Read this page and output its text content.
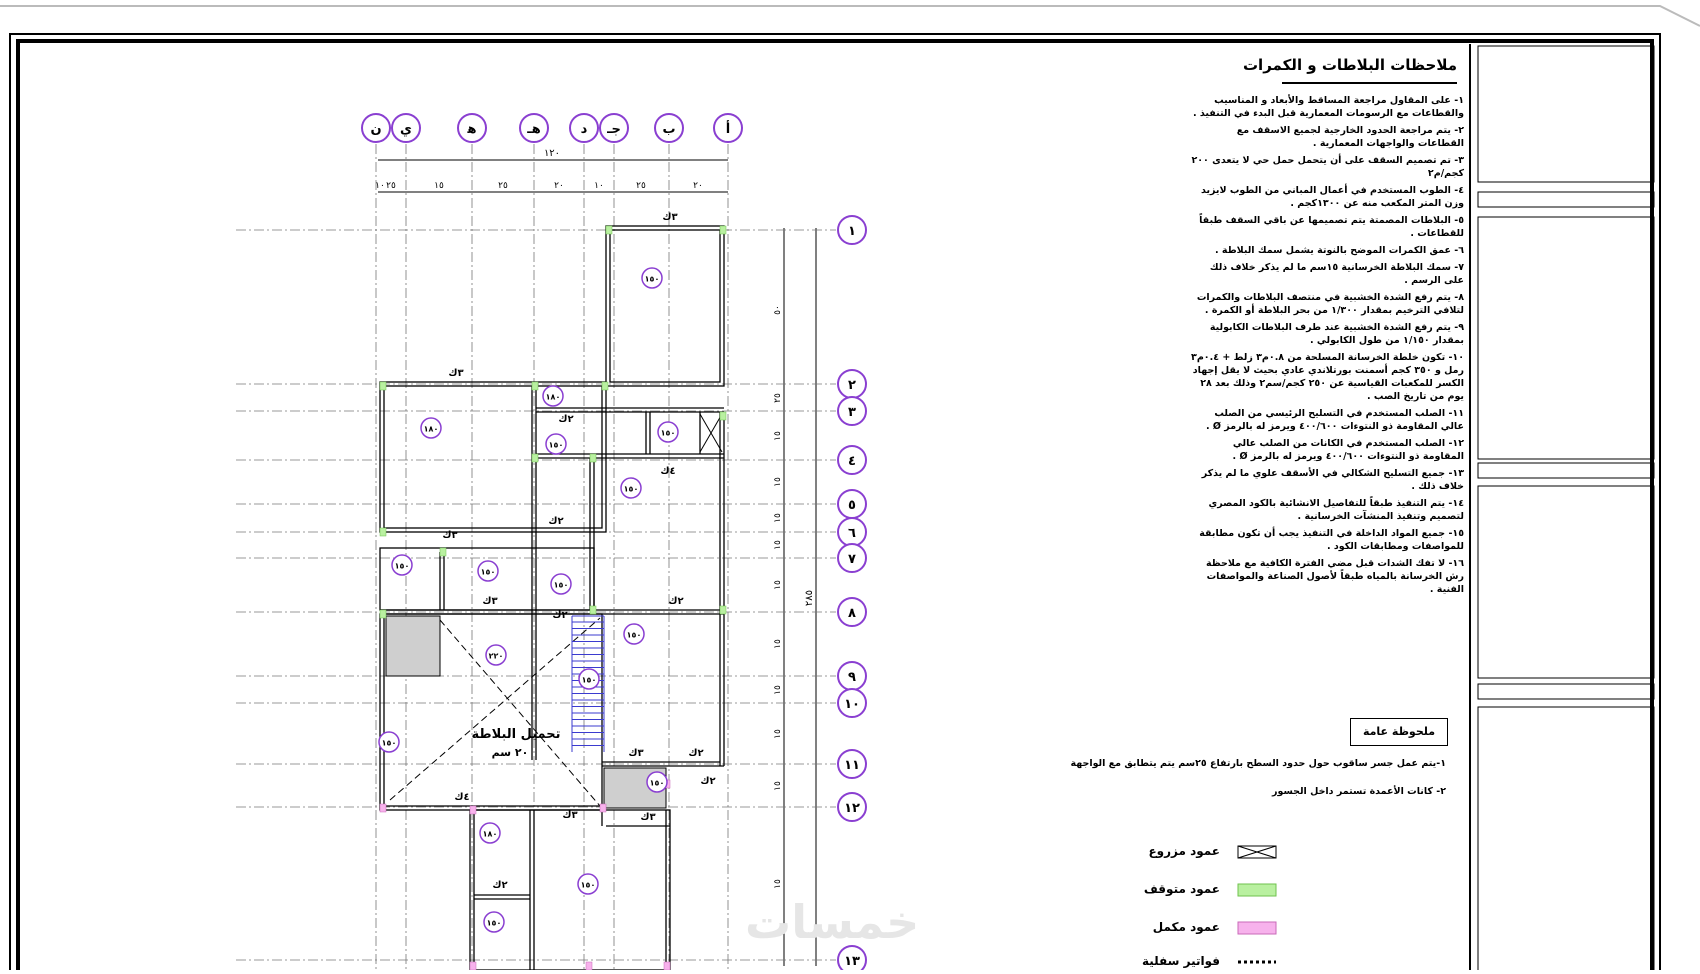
أ
ب
جـ
د
هـ
ﻫ
ي
ن
١
٢
٣
٤
٥
٦
٧
٨
٩
١٠
١١
١٢
١٣
٢٠
٢٥
١٠
٢٠
٢٥
١٥
٢٥
١٠
٥٠
٢٥
١٥
١٥
١٥
١٥
١٥
١٥
١٥
١٥
١٥
١٥
١٥٠
١٨٠
١٨٠
١٥٠
١٥٠
١٥٠
١٥٠
١٥٠
١٥٠
١٥٠
١٥٠
٢٢٠
١٥٠
١٥٠
١٨٠
١٥٠
١٥٠
٣ك
٣ك
٤ك
٢ك
٢ك
٣ك
٣ك
٢ك
٢ك
٣ك	٢ك
٢ك
٤ك
٣ك	٣ك
٢ك
تحميل البلاطة
٢٠ سم
١٢٠
٢٨٥
ملاحظات البلاطات و الكمرات
١- على المقاول مراجعة المساقط والأبعاد و المناسيب والقطاعات مع الرسومات المعمارية قبل البدء في التنفيذ .
٢- يتم مراجعة الحدود الخارجية لجميع الاسقف مع القطاعات والواجهات المعمارية .
٣- تم تصميم السقف على أن يتحمل حمل حي لا يتعدى ٢٠٠ كجم/م٢
٤- الطوب المستخدم في أعمال المباني من الطوب لايزيد وزن المتر المكعب منه عن ١٣٠٠كجم .
٥- البلاطات المصمتة يتم تصميمها عن باقي السقف طبقاً للقطاعات .
٦- عمق الكمرات الموضح بالنوتة يشمل سمك البلاطة .
٧- سمك البلاطة الخرسانية ١٥سم ما لم يذكر خلاف ذلك على الرسم .
٨- يتم رفع الشدة الخشبية في منتصف البلاطات والكمرات لتلافي الترخيم بمقدار ١/٣٠٠ من بحر البلاطة أو الكمرة .
٩- يتم رفع الشدة الخشبية عند طرف البلاطات الكابولية بمقدار ١/١٥٠ من طول الكابولي .
١٠- تكون خلطة الخرسانة المسلحة من ٠.٨م٣ زلط + ٠.٤م٣ رمل و ٣٥٠ كجم أسمنت بورتلاندي عادي بحيث لا يقل إجهاد الكسر للمكعبات القياسية عن ٢٥٠ كجم/سم٢ وذلك بعد ٢٨ يوم من تاريخ الصب .
١١- الصلب المستخدم في التسليح الرئيسي من الصلب عالي المقاومة ذو النتوءات ٤٠٠/٦٠٠ ويرمز له بالرمز Ø .
١٢- الصلب المستخدم في الكانات من الصلب عالي المقاومة ذو النتوءات ٤٠٠/٦٠٠ ويرمز له بالرمز Ø .
١٣- جميع التسليح الشكالي في الأسقف علوي ما لم يذكر خلاف ذلك .
١٤- يتم التنفيذ طبقاً للتفاصيل الانشائية بالكود المصري لتصميم وتنفيذ المنشآت الخرسانية .
١٥- جميع المواد الداخلة في التنفيذ يجب أن تكون مطابقة للمواصفات ومطابقات الكود .
١٦- لا تفك الشدات قبل مضي الفترة الكافية مع ملاحظة رش الخرسانة بالمياه طبقاً لأصول الصناعة والمواصفات الفنية .
ملحوظة عامة
١-يتم عمل جسر ساقوب حول حدود السطح بارتفاع ٢٥سم يتم يتطابق مع الواجهة
٢- كانات الأعمدة تستمر داخل الجسور
عمود مزروع
عمود متوقف
عمود مكمل
فواتير سفلية
خمسات
